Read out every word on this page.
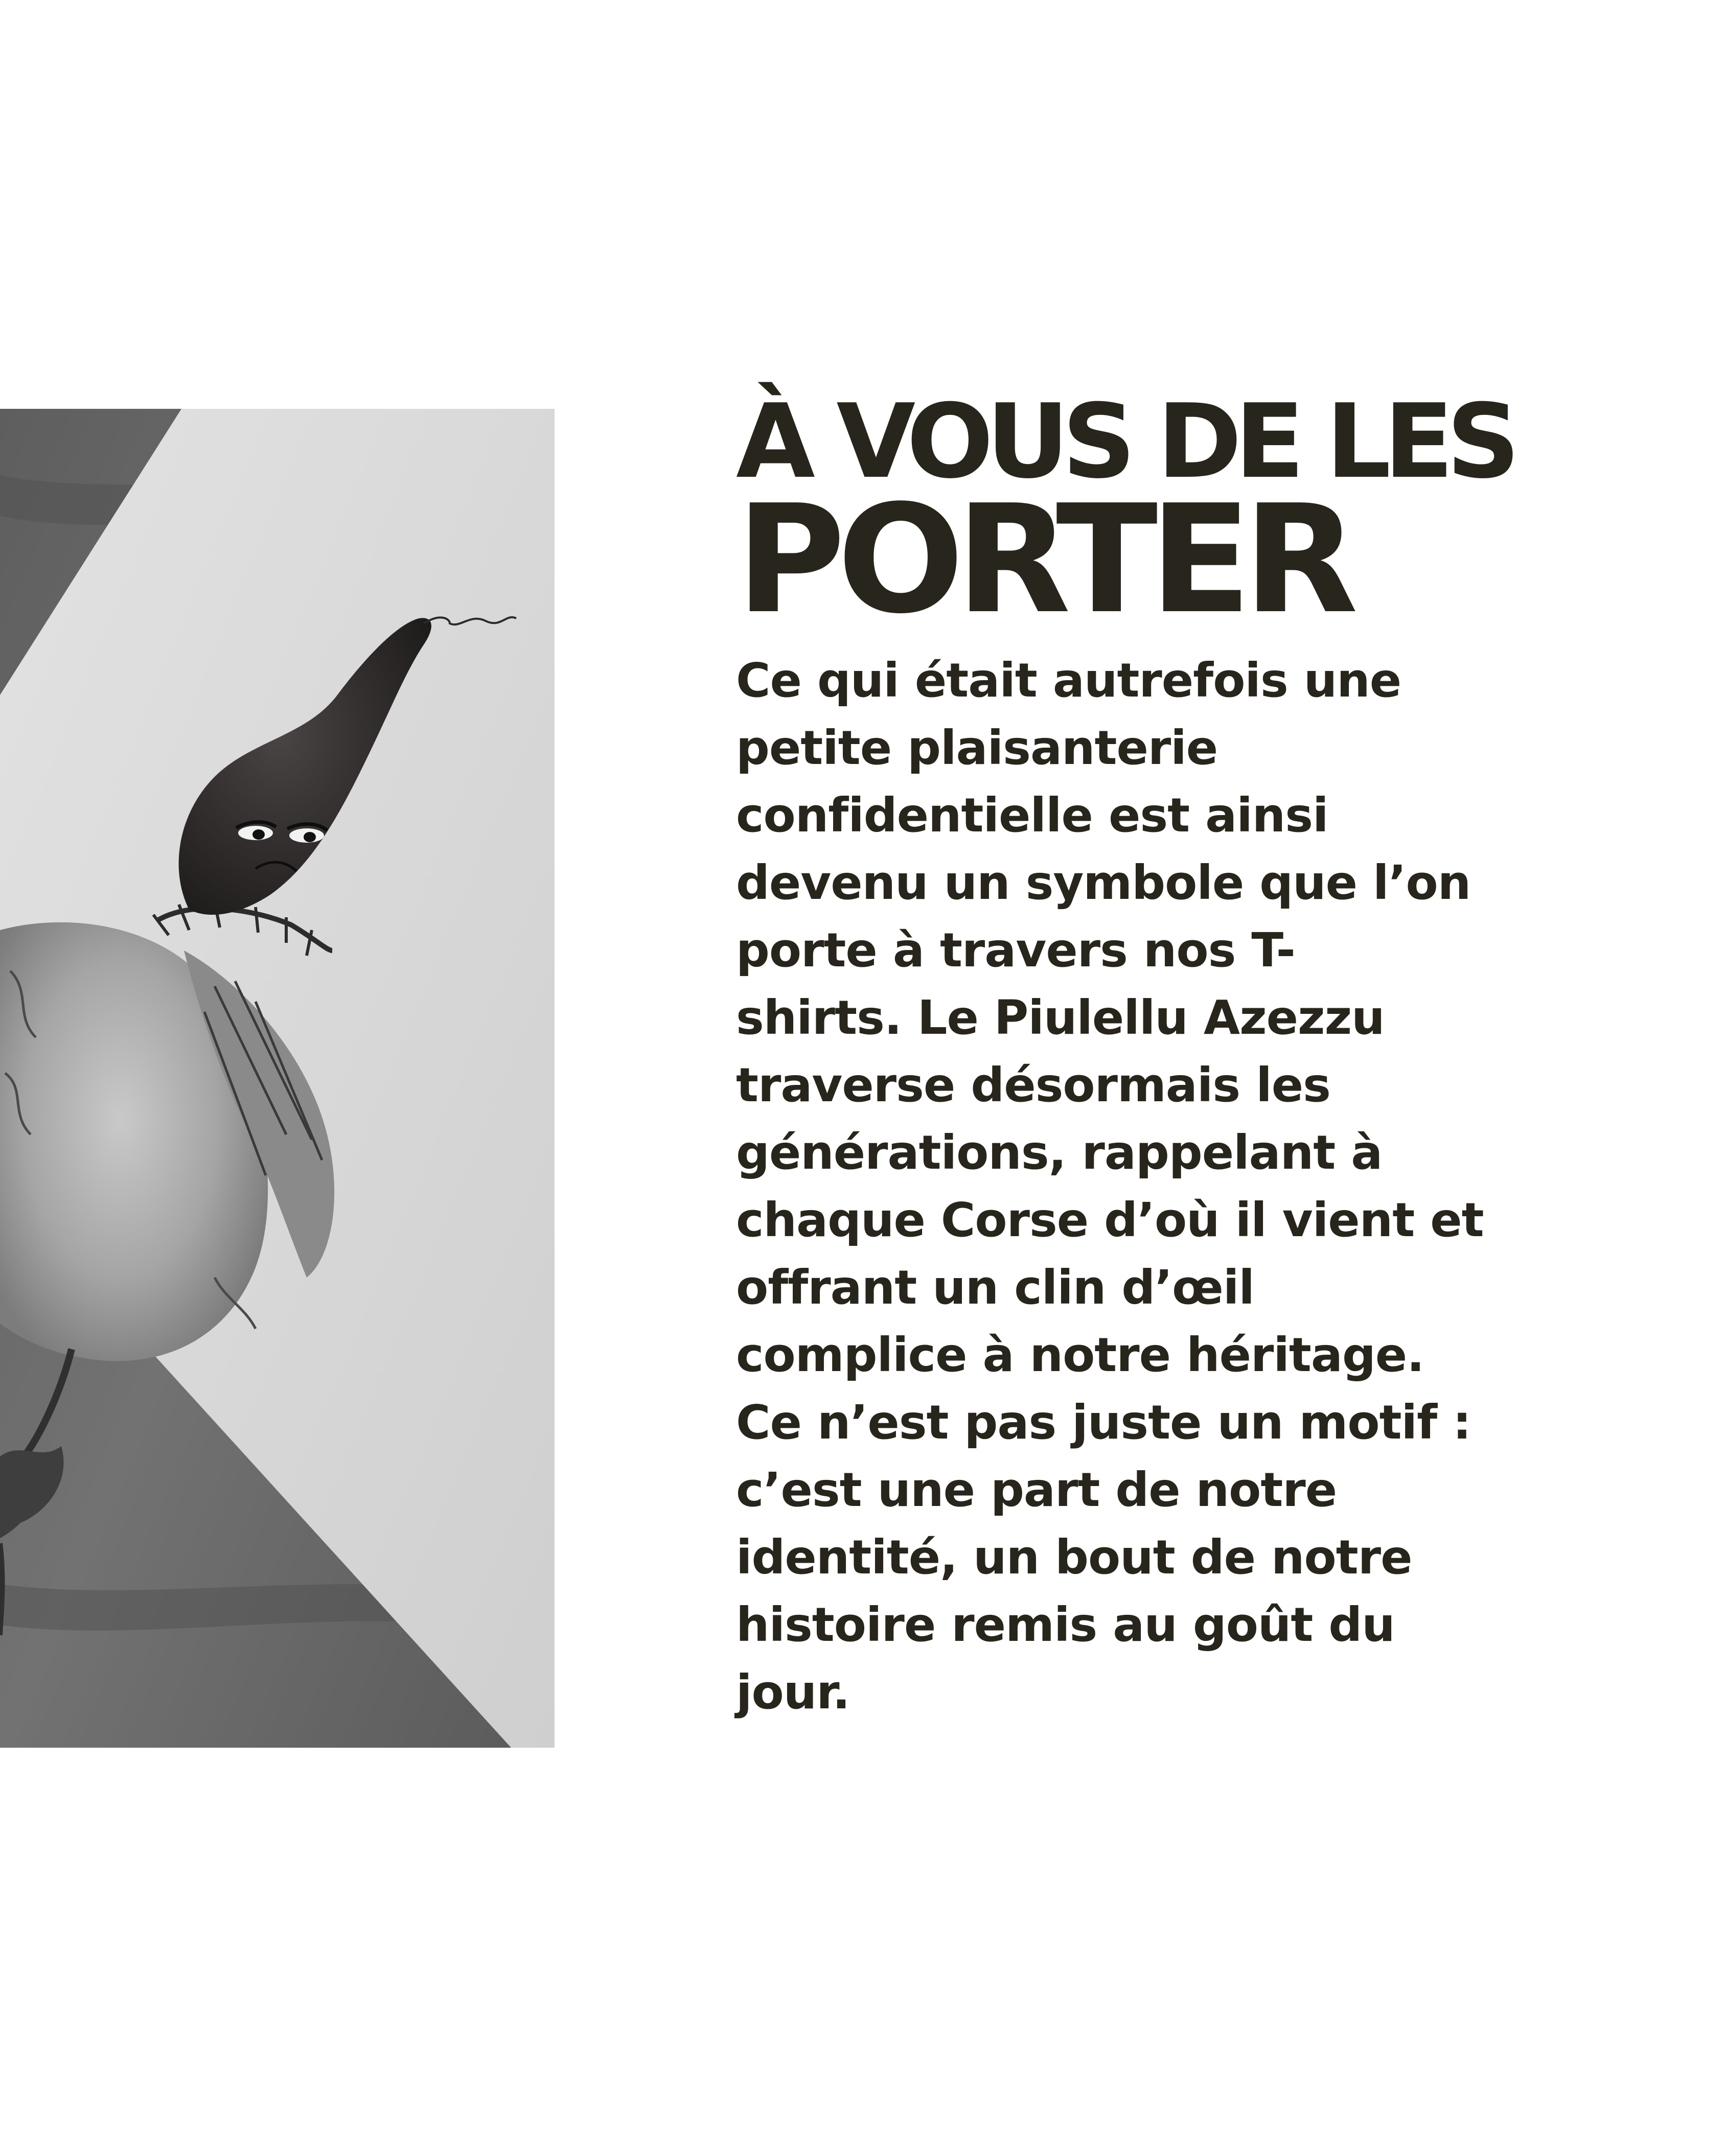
À VOUS DE LES
PORTER

Ce qui était autrefois une
petite plaisanterie
confidentielle est ainsi
devenu un symbole que l’on
porte à travers nos T-
shirts. Le Piulellu Azezzu
traverse désormais les
générations, rappelant à
chaque Corse d’où il vient et
offrant un clin d’œil
complice à notre héritage.
Ce n’est pas juste un motif :
c’est une part de notre
identité, un bout de notre
histoire remis au goût du
jour.
